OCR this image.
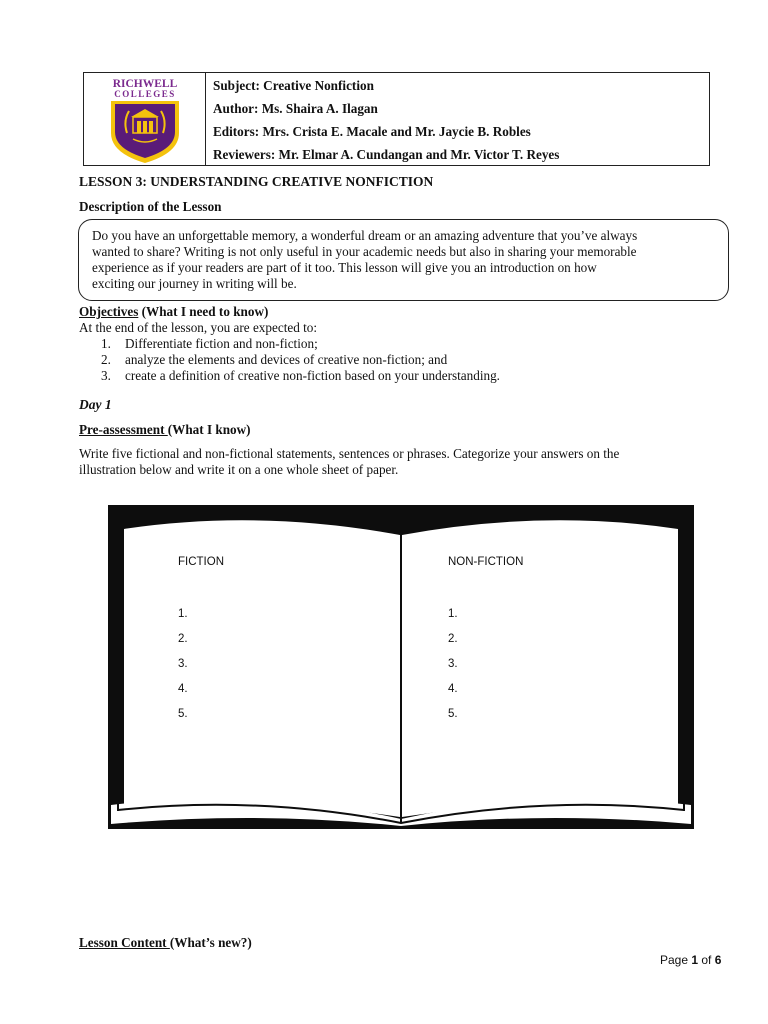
RICHWELL
COLLEGES
Subject: Creative Nonfiction
Author: Ms. Shaira A. Ilagan
Editors: Mrs. Crista E. Macale and Mr. Jaycie B. Robles
Reviewers: Mr. Elmar A. Cundangan and Mr. Victor T. Reyes
LESSON 3: UNDERSTANDING CREATIVE NONFICTION
Description of the Lesson
Do you have an unforgettable memory, a wonderful dream or an amazing adventure that you’ve always
wanted to share? Writing is not only useful in your academic needs but also in sharing your memorable
experience as if your readers are part of it too. This lesson will give you an introduction on how
exciting our journey in writing will be.
Objectives (What I need to know)
At the end of the lesson, you are expected to:
1. Differentiate fiction and non-fiction;
2. analyze the elements and devices of creative non-fiction; and
3. create a definition of creative non-fiction based on your understanding.
Day 1
Pre-assessment (What I know)
Write five fictional and non-fictional statements, sentences or phrases. Categorize your answers on the
illustration below and write it on a one whole sheet of paper.
FICTION	NON-FICTION
1.
2.
3.
4.
5.
1.
2.
3.
4.
5.
Lesson Content (What’s new?)
Page 1 of 6
